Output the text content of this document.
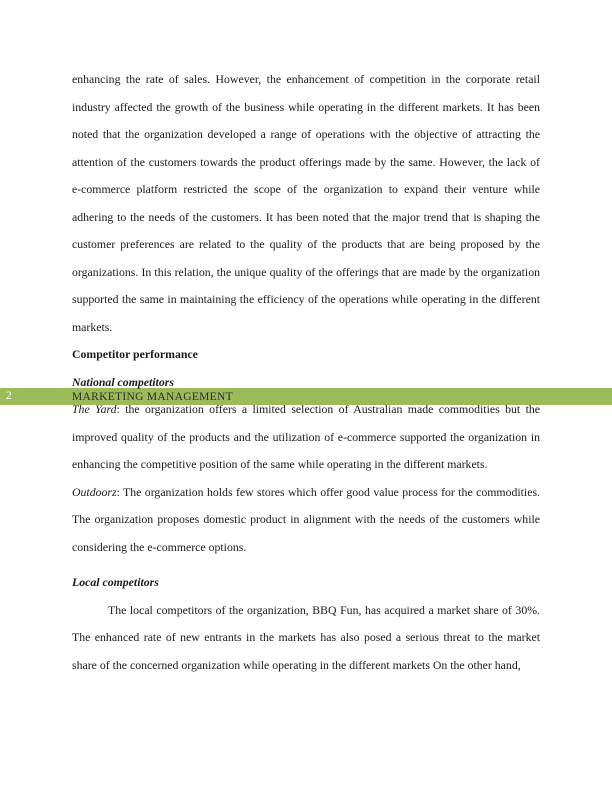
2	MARKETING MANAGEMENT

enhancing the rate of sales. However, the enhancement of competition in the corporate retail industry affected the growth of the business while operating in the different markets. It has been noted that the organization developed a range of operations with the objective of attracting the attention of the customers towards the product offerings made by the same. However, the lack of e-commerce platform restricted the scope of the organization to expand their venture while adhering to the needs of the customers. It has been noted that the major trend that is shaping the customer preferences are related to the quality of the products that are being proposed by the organizations. In this relation, the unique quality of the offerings that are made by the organization supported the same in maintaining the efficiency of the operations while operating in the different markets.

Competitor performance
National competitors

The Yard: the organization offers a limited selection of Australian made commodities but the improved quality of the products and the utilization of e-commerce supported the organization in enhancing the competitive position of the same while operating in the different markets.

Outdoorz: The organization holds few stores which offer good value process for the commodities. The organization proposes domestic product in alignment with the needs of the customers while considering the e-commerce options.

Local competitors

The local competitors of the organization, BBQ Fun, has acquired a market share of 30%. The enhanced rate of new entrants in the markets has also posed a serious threat to the market share of the concerned organization while operating in the different markets On the other hand,
